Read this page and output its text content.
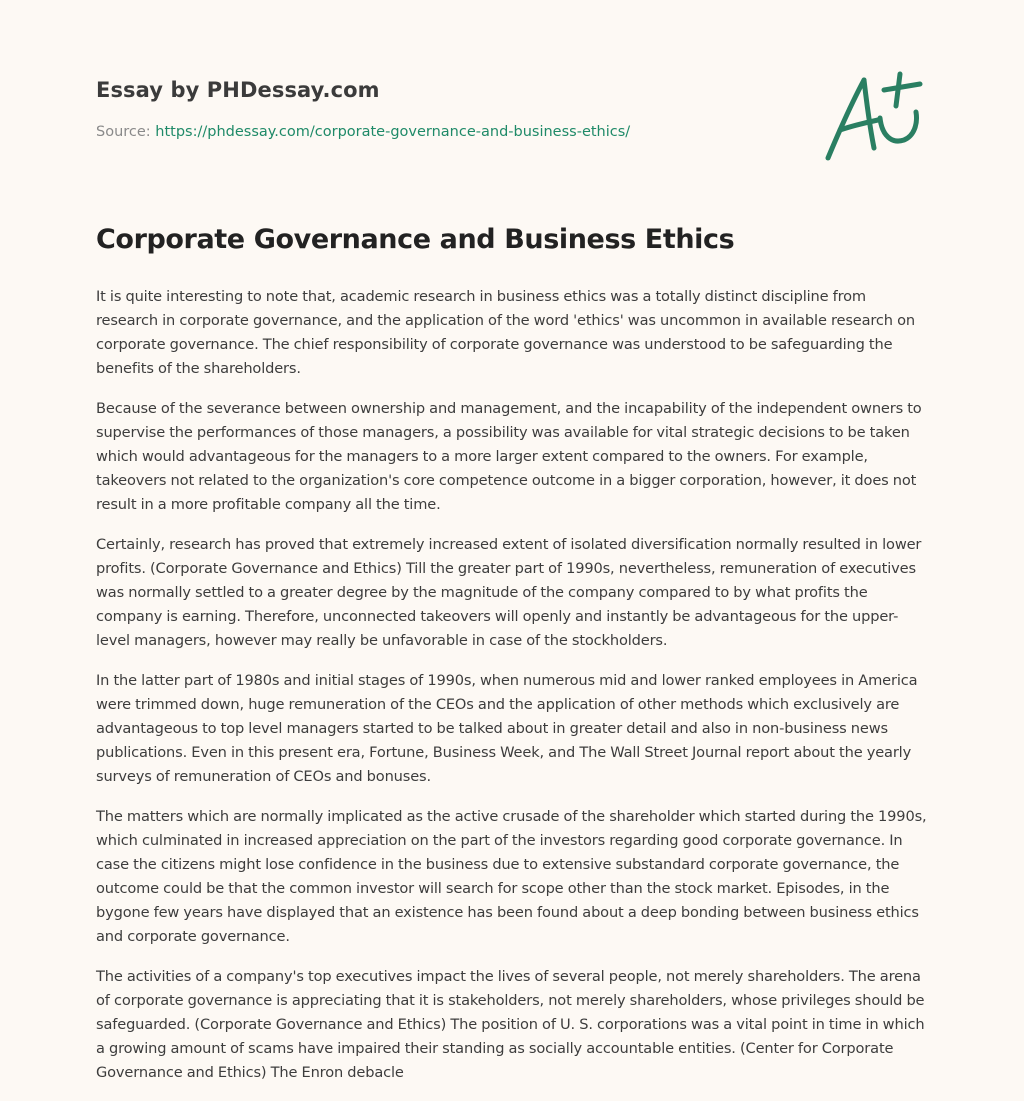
Essay by PHDessay.com
Source: https://phdessay.com/corporate-governance-and-business-ethics/
Corporate Governance and Business Ethics

It is quite interesting to note that, academic research in business ethics was a totally distinct discipline from research in corporate governance, and the application of the word 'ethics' was uncommon in available research on corporate governance. The chief responsibility of corporate governance was understood to be safeguarding the benefits of the shareholders.

Because of the severance between ownership and management, and the incapability of the independent owners to supervise the performances of those managers, a possibility was available for vital strategic decisions to be taken which would advantageous for the managers to a more larger extent compared to the owners. For example, takeovers not related to the organization's core competence outcome in a bigger corporation, however, it does not result in a more profitable company all the time.

Certainly, research has proved that extremely increased extent of isolated diversification normally resulted in lower profits. (Corporate Governance and Ethics) Till the greater part of 1990s, nevertheless, remuneration of executives was normally settled to a greater degree by the magnitude of the company compared to by what profits the company is earning. Therefore, unconnected takeovers will openly and instantly be advantageous for the upper-level managers, however may really be unfavorable in case of the stockholders.

In the latter part of 1980s and initial stages of 1990s, when numerous mid and lower ranked employees in America were trimmed down, huge remuneration of the CEOs and the application of other methods which exclusively are advantageous to top level managers started to be talked about in greater detail and also in non-business news publications. Even in this present era, Fortune, Business Week, and The Wall Street Journal report about the yearly surveys of remuneration of CEOs and bonuses.

The matters which are normally implicated as the active crusade of the shareholder which started during the 1990s, which culminated in increased appreciation on the part of the investors regarding good corporate governance. In case the citizens might lose confidence in the business due to extensive substandard corporate governance, the outcome could be that the common investor will search for scope other than the stock market. Episodes, in the bygone few years have displayed that an existence has been found about a deep bonding between business ethics and corporate governance.

The activities of a company's top executives impact the lives of several people, not merely shareholders. The arena of corporate governance is appreciating that it is stakeholders, not merely shareholders, whose privileges should be safeguarded. (Corporate Governance and Ethics) The position of U. S. corporations was a vital point in time in which a growing amount of scams have impaired their standing as socially accountable entities. (Center for Corporate Governance and Ethics) The Enron debacle
